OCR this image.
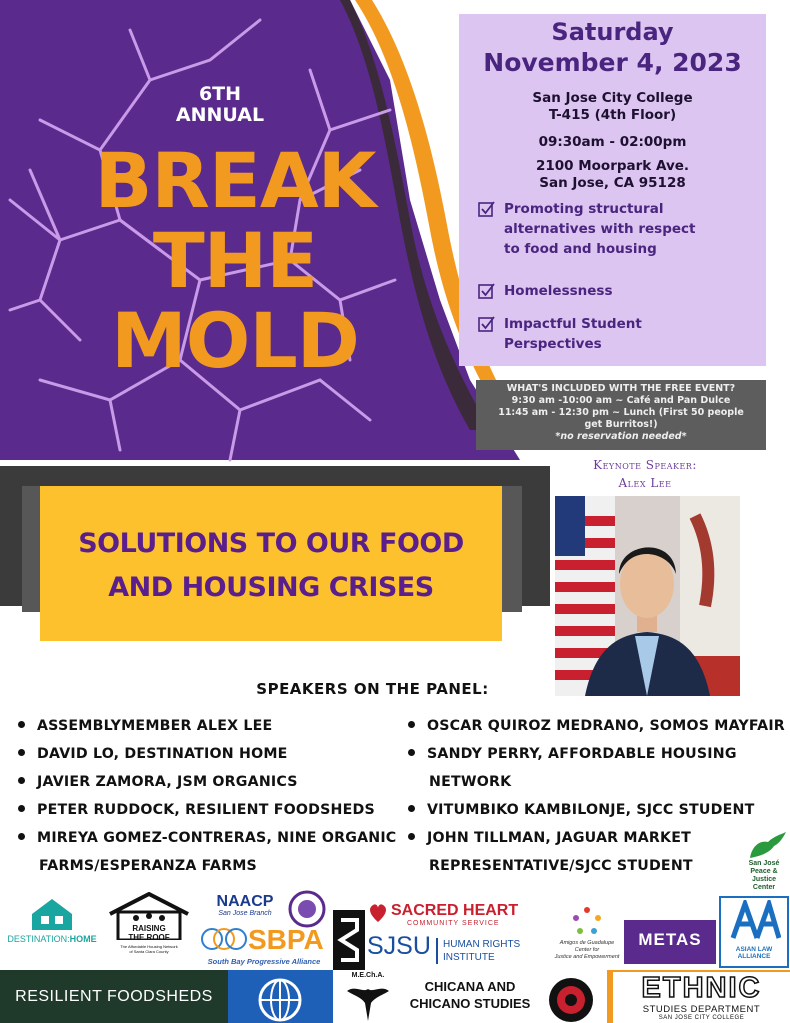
6TH
ANNUAL
BREAK
THE
MOLD
Saturday
November 4, 2023
San Jose City College
T-415 (4th Floor)
09:30am - 02:00pm
2100 Moorpark Ave.
San Jose, CA 95128
Promoting structural
alternatives with respect
to food and housing
Homelessness
Impactful Student
Perspectives
WHAT'S INCLUDED WITH THE FREE EVENT?
9:30 am -10:00 am ~ Café and Pan Dulce
11:45 am - 12:30 pm ~ Lunch (First 50 people
get Burritos!)
*no reservation needed*
Keynote Speaker:
Alex Lee
SOLUTIONS TO OUR FOOD
AND HOUSING CRISES
SPEAKERS ON THE PANEL:
ASSEMBLYMEMBER ALEX LEE
DAVID LO, DESTINATION HOME
JAVIER ZAMORA, JSM ORGANICS
PETER RUDDOCK, RESILIENT FOODSHEDS
MIREYA GOMEZ-CONTRERAS, NINE ORGANIC
FARMS/ESPERANZA FARMS
OSCAR QUIROZ MEDRANO, SOMOS MAYFAIR
SANDY PERRY, AFFORDABLE HOUSING
NETWORK
VITUMBIKO KAMBILONJE, SJCC STUDENT
JOHN TILLMAN, JAGUAR MARKET
REPRESENTATIVE/SJCC STUDENT	San José
Peace & Justice
Center
DESTINATION:HOME
RAISING
THE ROOF
The Affordable Housing Network
of Santa Clara County
NAACP
San Jose Branch
SBPA
South Bay Progressive Alliance
SACRED HEART
COMMUNITY SERVICE
SJSU HUMAN RIGHTS
INSTITUTE
Amigos de Guadalupe
Center for
Justice and Empowerment
METAS
ASIAN LAW ALLIANCE
RESILIENT FOODSHEDS
M.E.Ch.A.
CHICANA AND
CHICANO STUDIES	ETHNIC
STUDIES DEPARTMENT
SAN JOSE CITY COLLEGE
